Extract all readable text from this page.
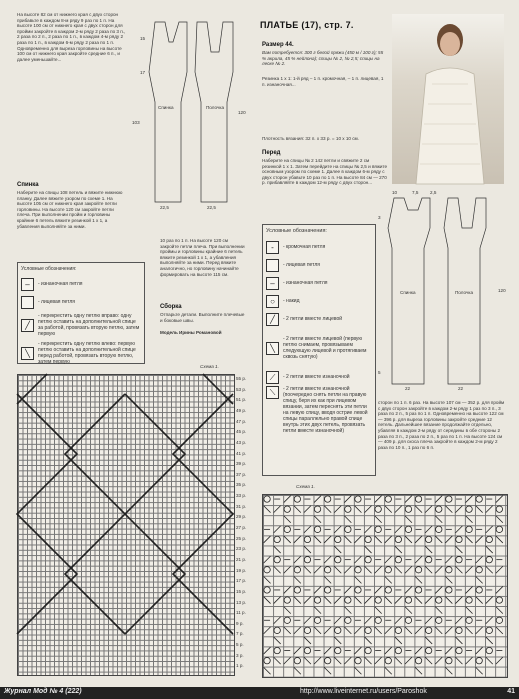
На высоте 82 см от нижнего края с двух сторон прибавьте в каждом 8-м ряду 9 раз по 1 п. На высоте 100 см от нижнего края с двух сторон для пройми закройте в каждом 2-м ряду 2 раза по 3 п., 2 раза по 2 п., 2 раза по 1 п., в каждом 4-м ряду 2 раза по 1 п., в каждом 6-м ряду 2 раза по 1 п. Одновременно для выреза горловины на высоте 100 см от нижнего края закройте средние 6 п., и далее уменьшайте...
Спинка
Наберите на спицы 108 петель и вяжите нижнюю планку. Далее вяжите узором по схеме 1. На высоте 105 см от нижнего края закройте петли горловины. На высоте 120 см закройте петли плеча. При выполнении пройм и горловины крайние 6 петель вяжите резинкой 1 х 1, а убавления выполняйте за ними.
Спинка	Полочка
15
17
103
120
22,5	22,5
Условные обозначения:
–	- изнаночная петля
- лицевая петля
╱
- перекрестить одну петлю вправо: одну петлю оставить на дополнительной спице за работой, провязать вторую петлю, затем первую
╲
- перекрестить одну петлю влево: первую петлю оставить на дополнительной спице перед работой, провязать вторую петлю, затем первую
10 раз по 1 п. На высоте 120 см закройте петли плеча. При выполнении проймы и горловины крайние 6 петель вяжите резинкой 1 х 1, а убавления выполняйте за ними. Перед вяжите аналогично, но горловину начинайте формировать на высоте 115 см.
Сборка
Отпарьте детали. Выполните плечевые и боковые швы.
Модель Ирины Романовой
Схема 1.
55 р.
53 р.
51 р.
49 р.
47 р.
45 р.
43 р.
41 р.
39 р.
37 р.
35 р.
33 р.
31 р.
29 р.
27 р.
25 р.
23 р.
21 р.
19 р.
17 р.
15 р.
13 р.
11 р.
9 р.
7 р.
5 р.
3 р.
1 р.
ПЛАТЬЕ (17), стр. 7.
Размер 44.
Вам потребуется: 300 г белой пряжи (450 м / 100 г); 55 % акрила, 45 % нейлона); спицы № 2, № 2,5; спицы на леске № 2.
Резинка 1 х 1: 1-й ряд – 1 п. кромочная, – 1 п. лицевая, 1 п. изнаночная...
Плотность вязания: 32 п. х 33 р. = 10 х 10 см.
Перед
Наберите на спицы № 2 142 петли и свяжите 2 см резинкой 1 х 1. Затем перейдите на спицы № 2,5 и вяжите основным узором по схеме 1. Далее в каждом 6-м ряду с двух сторон убавьте 10 раз по 1 п. На высоте 84 см — 270 р. прибавляйте в каждом 12-м ряду с двух сторон...
Условные обозначения:
-	- кромочная петля
- лицевая петля
–	- изнаночная петля
○	- накид
╱	- 2 петли вместе лицевой
╲
- 2 петли вместе лицевой (первую петлю снимаем, провязываем следующую лицевой и протягиваем сквозь снятую)
⟋	- 2 петли вместе изнаночной
⟍	- 2 петли вместе изнаночной (поочередно снять петли на правую спицу, беря их как при лицевом вязании, затем переснять эти петли на левую спицу, вводя острие левой спицы параллельно правой спице внутрь этих двух петель, провязать петли вместе изнаночной)
Спинка	Полочка
10	7,5	2,5
3
120
22	22
5
сторон по 1 п. 6 раз. На высоте 107 см — 352 р. для пройм с двух сторон закройте в каждом 2-м ряду 1 раз по 3 п., 3 раза по 2 п., 5 раз по 1 п. Одновременно на высоте 122 см — 396 р. для выреза горловины закройте средние 12 петель. Дальнейшее вязание продолжайте отдельно, убавляя в каждом 2-м ряду от середины в обе стороны 2 раза по 3 п., 2 раза по 2 п., 5 раз по 1 п. На высоте 124 см — 409 р. для скоса плеча закройте в каждом 2-м ряду 2 раза по 10 п., 1 раз по 6 п.
Схема 1.
Журнал Мод № 4 (222)	http://www.liveinternet.ru/users/Paroshok	41
